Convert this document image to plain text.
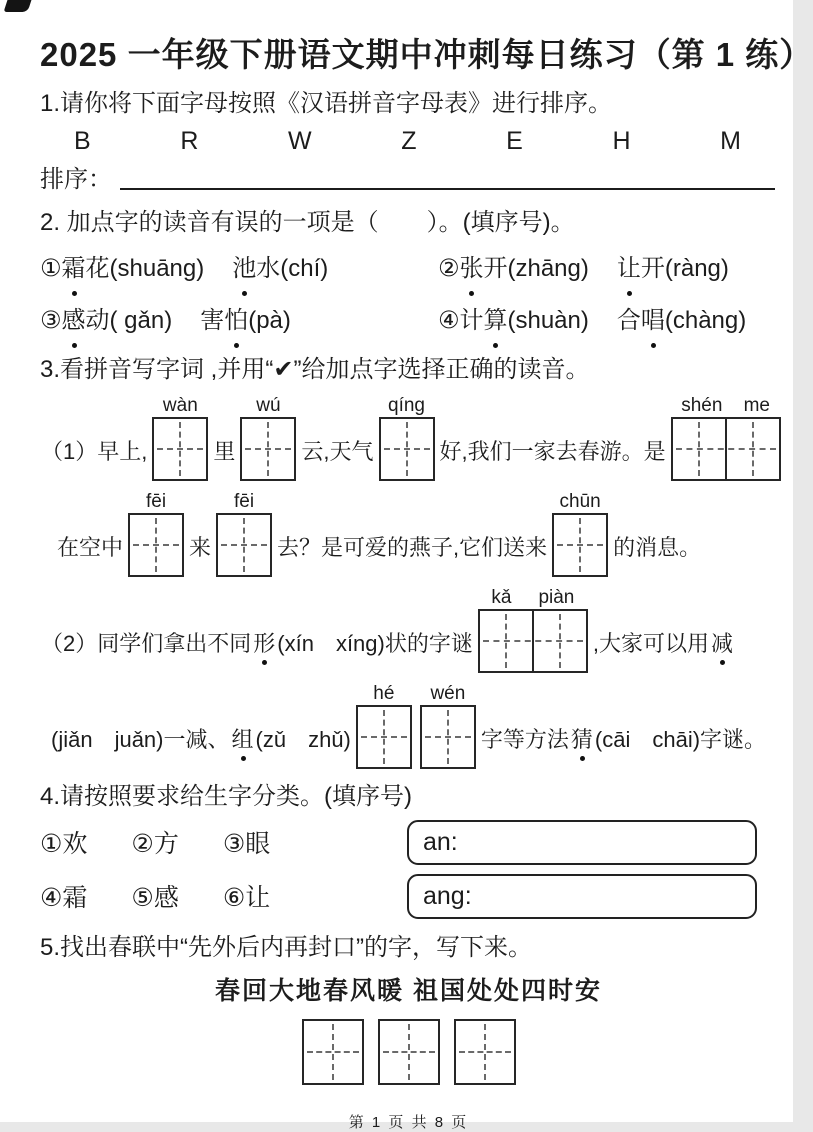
2025 一年级下册语文期中冲刺每日练习（第 1 练）
1.请你将下面字母按照《汉语拼音字母表》进行排序。
B	R	W	Z	E	H	M
排序：
2. 加点字的读音有误的一项是（　　）。(填序号)。
① 霜花(shuāng) 池水(chí)	② 张开(zhāng) 让开(ràng)
③ 感动( gǎn) 害怕(pà)	④ 计算(shuàn) 合唱(chàng)
3.看拼音写字词 ,并用“✔”给加点字选择正确的读音。
（1）早上,
wàn
里
wú
云,天气
qíng
好,我们一家去春游。是
shén me
在空中
fēi
来
fēi
去？是可爱的燕子,它们送来
chūn
的消息。
（2）同学们拿出不同 形 (xín　xíng)状的字谜
kǎ piàn
,大家可以用 减
(jiǎn　juǎn)一减、 组 (zǔ　zhǔ)
hé wén
字等方法 猜 (cāi　chāi)字谜。
4.请按照要求给生字分类。(填序号)
①欢 ②方 ③眼	an:
④霜 ⑤感 ⑥让	ang:
5.找出春联中“先外后内再封口”的字，写下来。
春回大地春风暖 祖国处处四时安
第 1 页 共 8 页
